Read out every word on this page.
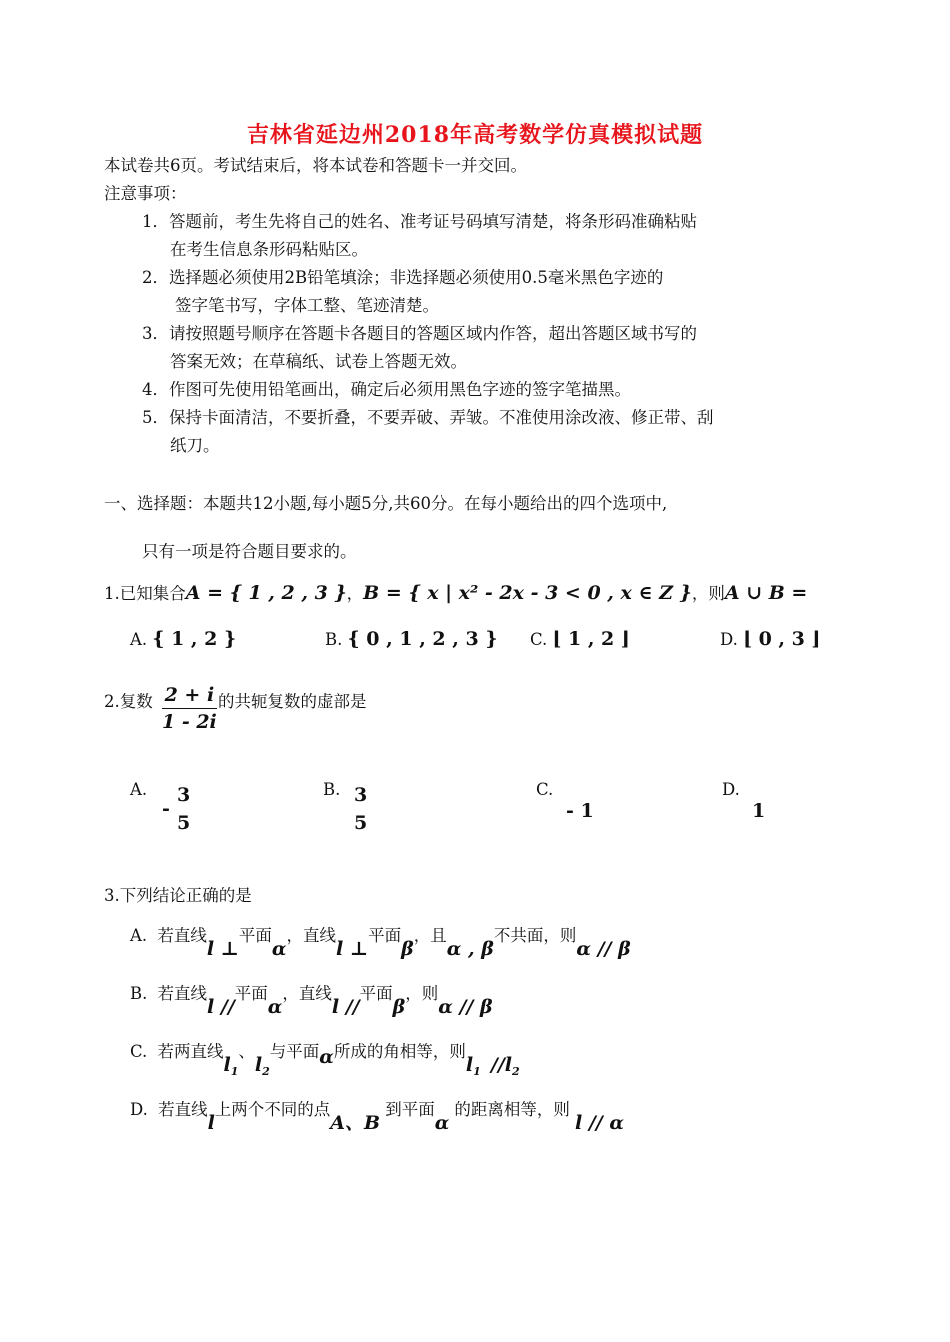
吉林省延边州2018年高考数学仿真模拟试题
本试卷共6页。考试结束后，将本试卷和答题卡一并交回。
注意事项：
1．答题前，考生先将自己的姓名、准考证号码填写清楚，将条形码准确粘贴
在考生信息条形码粘贴区。
2．选择题必须使用2B铅笔填涂；非选择题必须使用0.5毫米黑色字迹的
签字笔书写，字体工整、笔迹清楚。
3．请按照题号顺序在答题卡各题目的答题区域内作答，超出答题区域书写的
答案无效；在草稿纸、试卷上答题无效。
4．作图可先使用铅笔画出，确定后必须用黑色字迹的签字笔描黑。
5．保持卡面清洁，不要折叠，不要弄破、弄皱。不准使用涂改液、修正带、刮
纸刀。
一、选择题：本题共12小题,每小题5分,共60分。在每小题给出的四个选项中,
只有一项是符合题目要求的。
1.已知集合A = { 1 , 2 , 3 }，B = { x | x² - 2x - 3 < 0 , x ∈ Z }，则A ∪ B =
A. { 1 , 2 }	B. { 0 , 1 , 2 , 3 } C. ⌊ 1 , 2 ⌋	D. ⌊ 0 , 3 ⌋
2.复数 $\frac{2 + i}{1 - 2i}$ 的共轭复数的虚部是
A.
-
3
5
B. 3
5
C.
- 1
D.
1
3.下列结论正确的是
A. 若直线l ⊥平面α，直线l ⊥平面β，且α , β不共面，则α // β
B. 若直线l //平面α，直线l //平面β，则α // β
C. 若两直线$l_1$、$l_2$与平面α所成的角相等，则$l_1$ $//l_2$
D. 若直线l上两个不同的点A、B 到平面α 的距离相等，则 l // α
